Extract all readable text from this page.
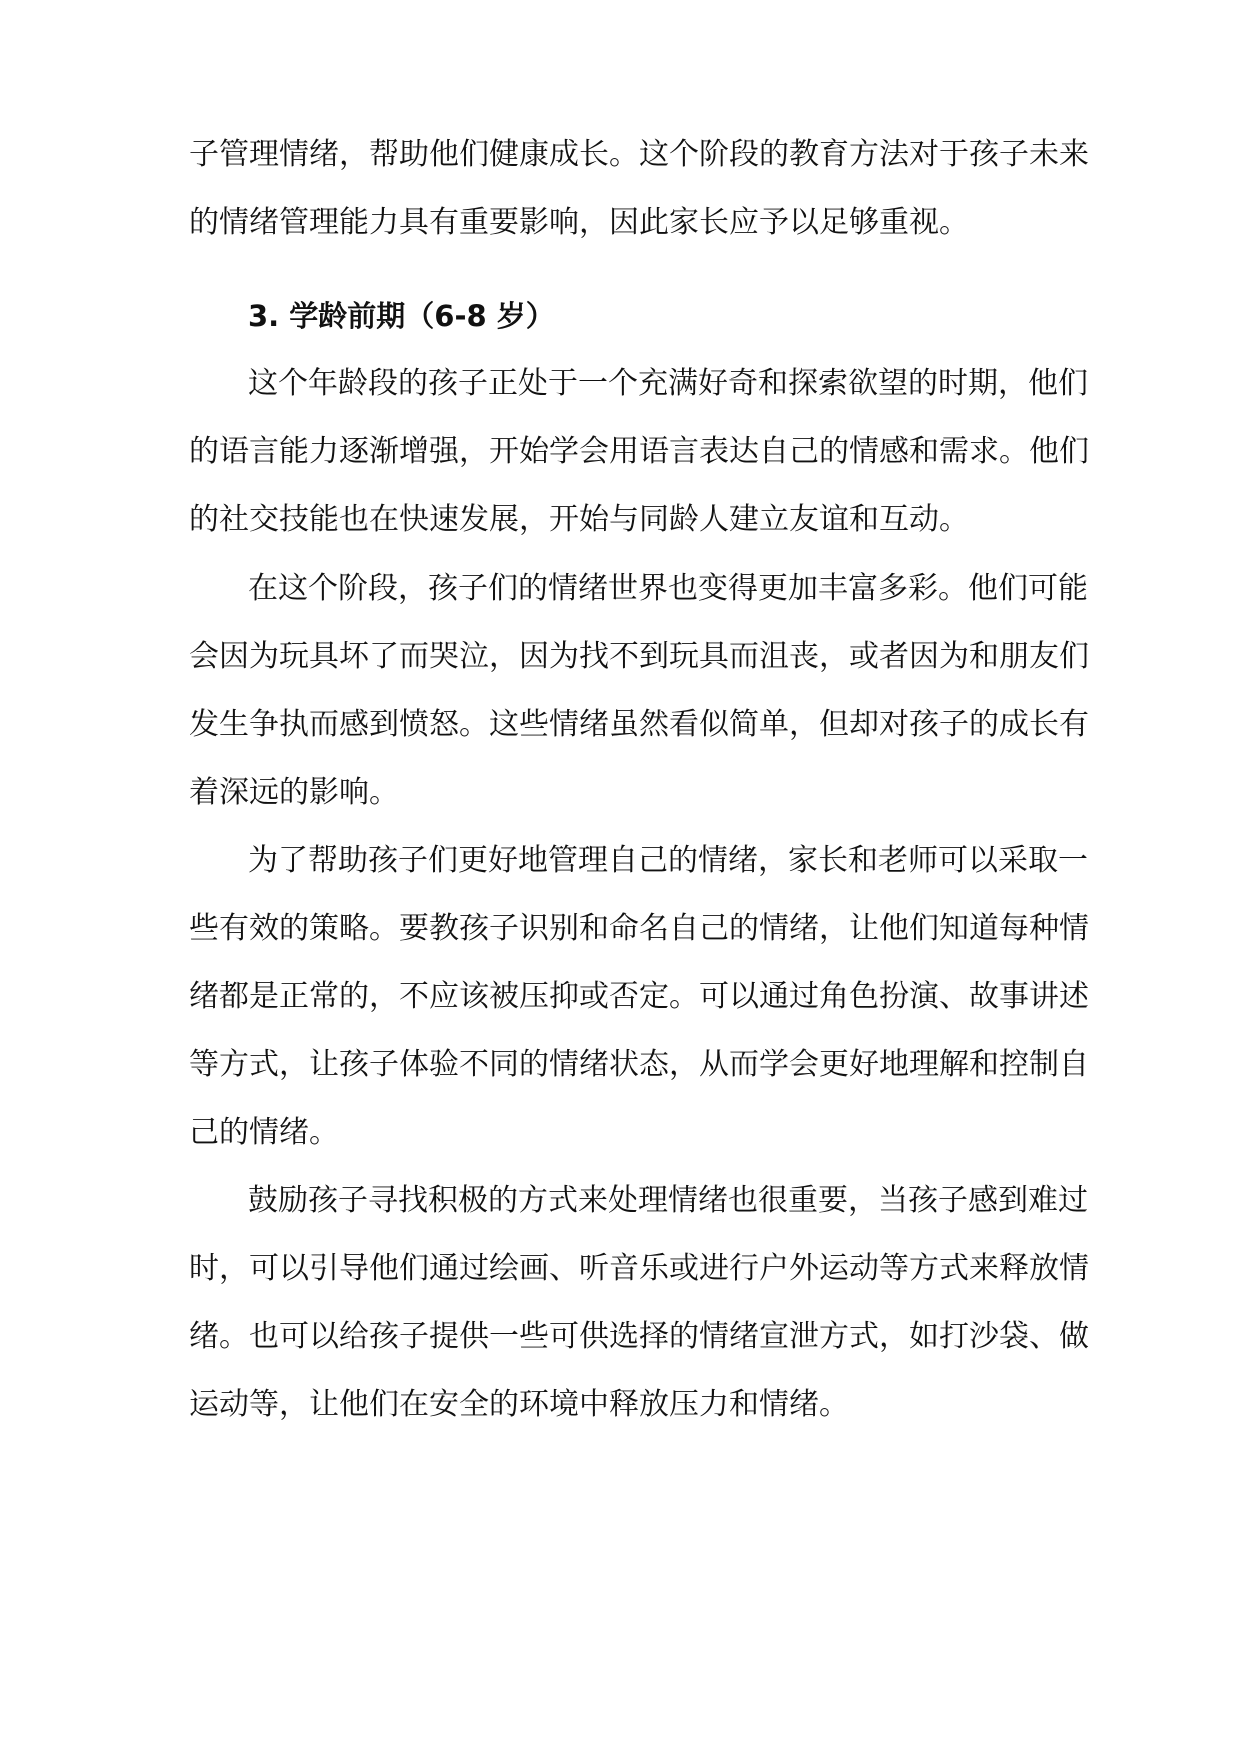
子管理情绪，帮助他们健康成长。这个阶段的教育方法对于孩子未来
的情绪管理能力具有重要影响，因此家长应予以足够重视。
3. 学龄前期（6-8 岁）
这个年龄段的孩子正处于一个充满好奇和探索欲望的时期，他们
的语言能力逐渐增强，开始学会用语言表达自己的情感和需求。他们
的社交技能也在快速发展，开始与同龄人建立友谊和互动。
在这个阶段，孩子们的情绪世界也变得更加丰富多彩。他们可能
会因为玩具坏了而哭泣，因为找不到玩具而沮丧，或者因为和朋友们
发生争执而感到愤怒。这些情绪虽然看似简单，但却对孩子的成长有
着深远的影响。
为了帮助孩子们更好地管理自己的情绪，家长和老师可以采取一
些有效的策略。要教孩子识别和命名自己的情绪，让他们知道每种情
绪都是正常的，不应该被压抑或否定。可以通过角色扮演、故事讲述
等方式，让孩子体验不同的情绪状态，从而学会更好地理解和控制自
己的情绪。
鼓励孩子寻找积极的方式来处理情绪也很重要，当孩子感到难过
时，可以引导他们通过绘画、听音乐或进行户外运动等方式来释放情
绪。也可以给孩子提供一些可供选择的情绪宣泄方式，如打沙袋、做
运动等，让他们在安全的环境中释放压力和情绪。
